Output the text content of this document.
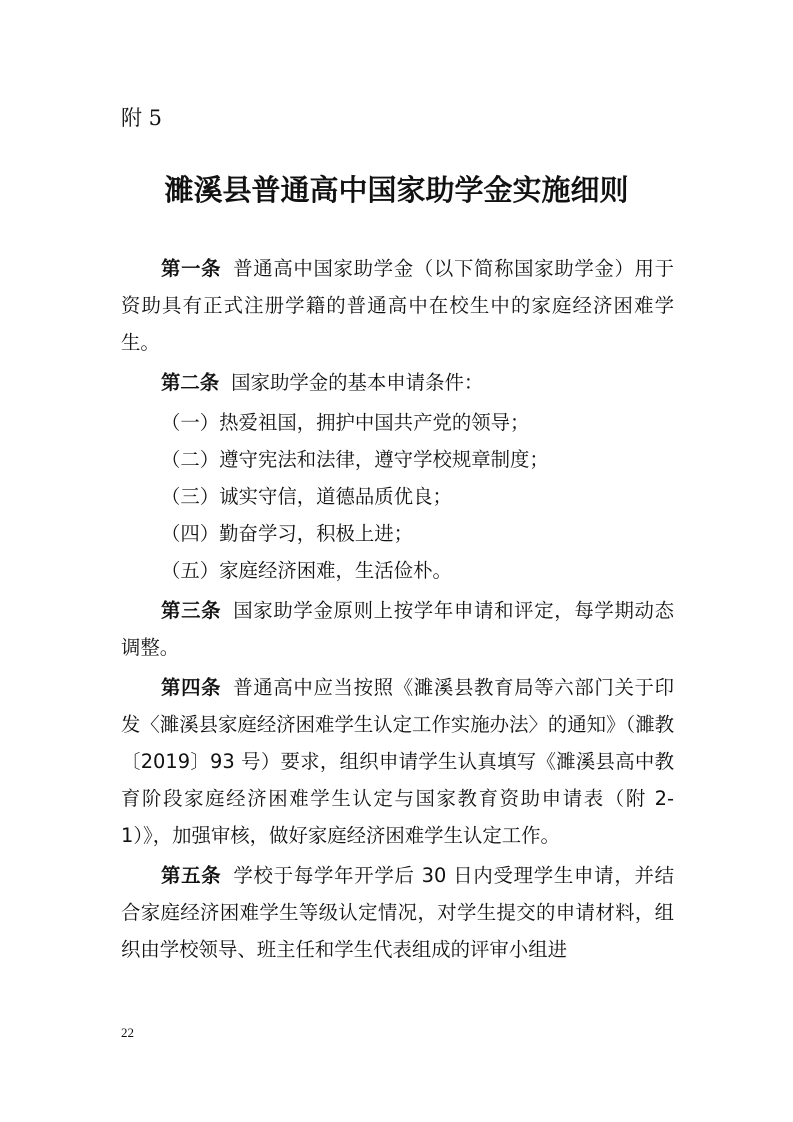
附 5
濉溪县普通高中国家助学金实施细则

第一条 普通高中国家助学金（以下简称国家助学金）用于资助具有正式注册学籍的普通高中在校生中的家庭经济困难学生。

第二条 国家助学金的基本申请条件：

（一）热爱祖国，拥护中国共产党的领导；

（二）遵守宪法和法律，遵守学校规章制度；

（三）诚实守信，道德品质优良；

（四）勤奋学习，积极上进；

（五）家庭经济困难，生活俭朴。

第三条 国家助学金原则上按学年申请和评定，每学期动态调整。

第四条 普通高中应当按照《濉溪县教育局等六部门关于印发〈濉溪县家庭经济困难学生认定工作实施办法〉的通知》（濉教〔2019〕93 号）要求，组织申请学生认真填写《濉溪县高中教育阶段家庭经济困难学生认定与国家教育资助申请表（附 2-1）》，加强审核，做好家庭经济困难学生认定工作。

第五条 学校于每学年开学后 30 日内受理学生申请，并结合家庭经济困难学生等级认定情况，对学生提交的申请材料，组织由学校领导、班主任和学生代表组成的评审小组进

22
